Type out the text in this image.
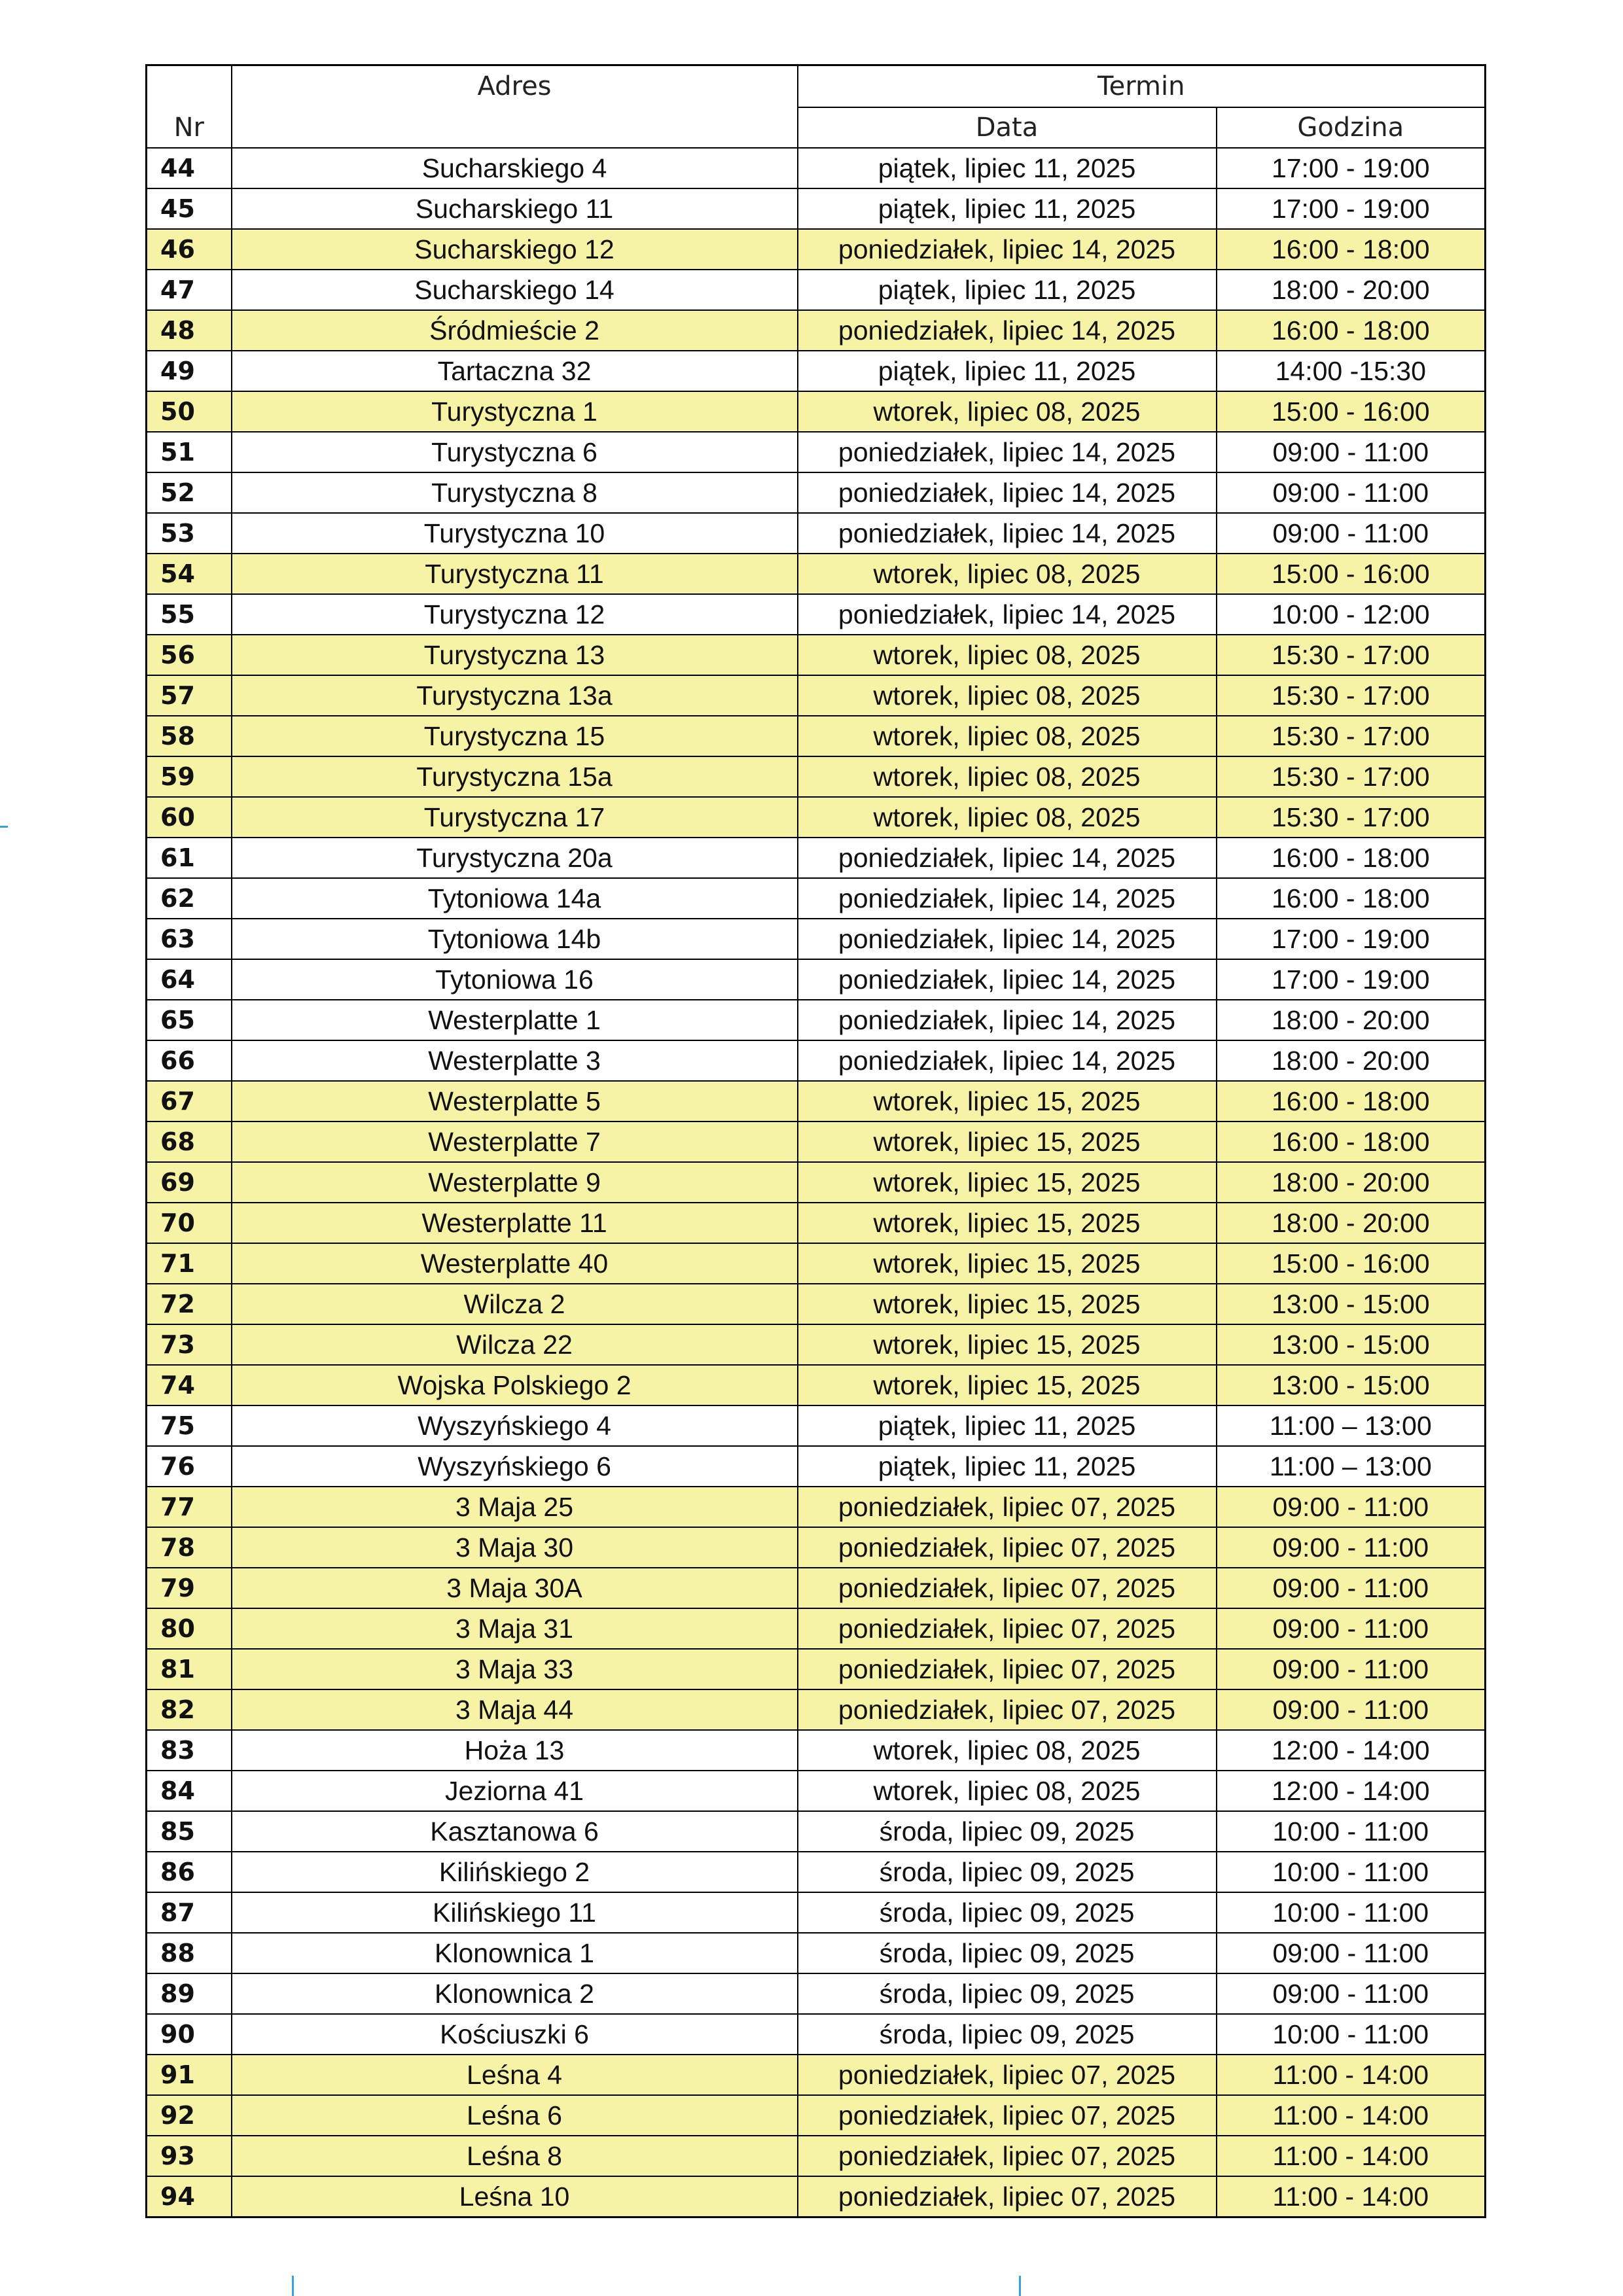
Nr	Adres	Termin	
		Data	Godzina
44	Sucharskiego 4	piątek, lipiec 11, 2025	17:00 - 19:00
45	Sucharskiego 11	piątek, lipiec 11, 2025	17:00 - 19:00
46	Sucharskiego 12	poniedziałek, lipiec 14, 2025	16:00 - 18:00
47	Sucharskiego 14	piątek, lipiec 11, 2025	18:00 - 20:00
48	Śródmieście 2	poniedziałek, lipiec 14, 2025	16:00 - 18:00
49	Tartaczna 32	piątek, lipiec 11, 2025	14:00 -15:30
50	Turystyczna 1	wtorek, lipiec 08, 2025	15:00 - 16:00
51	Turystyczna 6	poniedziałek, lipiec 14, 2025	09:00 - 11:00
52	Turystyczna 8	poniedziałek, lipiec 14, 2025	09:00 - 11:00
53	Turystyczna 10	poniedziałek, lipiec 14, 2025	09:00 - 11:00
54	Turystyczna 11	wtorek, lipiec 08, 2025	15:00 - 16:00
55	Turystyczna 12	poniedziałek, lipiec 14, 2025	10:00 - 12:00
56	Turystyczna 13	wtorek, lipiec 08, 2025	15:30 - 17:00
57	Turystyczna 13a	wtorek, lipiec 08, 2025	15:30 - 17:00
58	Turystyczna 15	wtorek, lipiec 08, 2025	15:30 - 17:00
59	Turystyczna 15a	wtorek, lipiec 08, 2025	15:30 - 17:00
60	Turystyczna 17	wtorek, lipiec 08, 2025	15:30 - 17:00
61	Turystyczna 20a	poniedziałek, lipiec 14, 2025	16:00 - 18:00
62	Tytoniowa 14a	poniedziałek, lipiec 14, 2025	16:00 - 18:00
63	Tytoniowa 14b	poniedziałek, lipiec 14, 2025	17:00 - 19:00
64	Tytoniowa 16	poniedziałek, lipiec 14, 2025	17:00 - 19:00
65	Westerplatte 1	poniedziałek, lipiec 14, 2025	18:00 - 20:00
66	Westerplatte 3	poniedziałek, lipiec 14, 2025	18:00 - 20:00
67	Westerplatte 5	wtorek, lipiec 15, 2025	16:00 - 18:00
68	Westerplatte 7	wtorek, lipiec 15, 2025	16:00 - 18:00
69	Westerplatte 9	wtorek, lipiec 15, 2025	18:00 - 20:00
70	Westerplatte 11	wtorek, lipiec 15, 2025	18:00 - 20:00
71	Westerplatte 40	wtorek, lipiec 15, 2025	15:00 - 16:00
72	Wilcza 2	wtorek, lipiec 15, 2025	13:00 - 15:00
73	Wilcza 22	wtorek, lipiec 15, 2025	13:00 - 15:00
74	Wojska Polskiego 2	wtorek, lipiec 15, 2025	13:00 - 15:00
75	Wyszyńskiego 4	piątek, lipiec 11, 2025	11:00 – 13:00
76	Wyszyńskiego 6	piątek, lipiec 11, 2025	11:00 – 13:00
77	3 Maja 25	poniedziałek, lipiec 07, 2025	09:00 - 11:00
78	3 Maja 30	poniedziałek, lipiec 07, 2025	09:00 - 11:00
79	3 Maja 30A	poniedziałek, lipiec 07, 2025	09:00 - 11:00
80	3 Maja 31	poniedziałek, lipiec 07, 2025	09:00 - 11:00
81	3 Maja 33	poniedziałek, lipiec 07, 2025	09:00 - 11:00
82	3 Maja 44	poniedziałek, lipiec 07, 2025	09:00 - 11:00
83	Hoża 13	wtorek, lipiec 08, 2025	12:00 - 14:00
84	Jeziorna 41	wtorek, lipiec 08, 2025	12:00 - 14:00
85	Kasztanowa 6	środa, lipiec 09, 2025	10:00 - 11:00
86	Kilińskiego 2	środa, lipiec 09, 2025	10:00 - 11:00
87	Kilińskiego 11	środa, lipiec 09, 2025	10:00 - 11:00
88	Klonownica 1	środa, lipiec 09, 2025	09:00 - 11:00
89	Klonownica 2	środa, lipiec 09, 2025	09:00 - 11:00
90	Kościuszki 6	środa, lipiec 09, 2025	10:00 - 11:00
91	Leśna 4	poniedziałek, lipiec 07, 2025	11:00 - 14:00
92	Leśna 6	poniedziałek, lipiec 07, 2025	11:00 - 14:00
93	Leśna 8	poniedziałek, lipiec 07, 2025	11:00 - 14:00
94	Leśna 10	poniedziałek, lipiec 07, 2025	11:00 - 14:00
